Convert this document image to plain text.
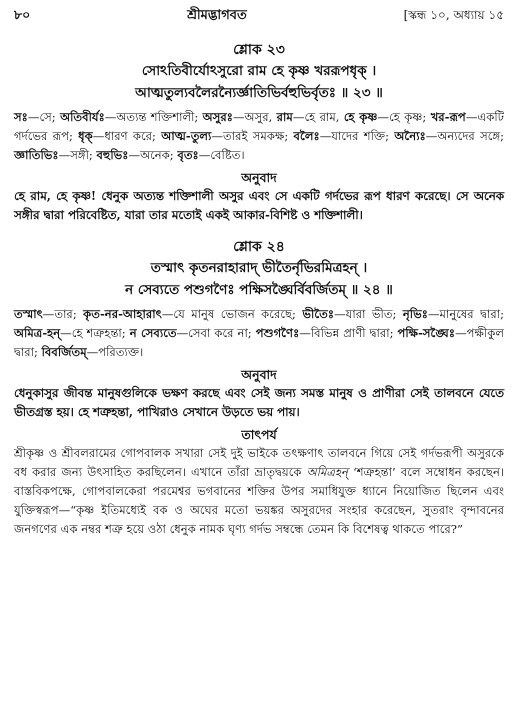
৮০	শ্রীমদ্ভাগবত	[স্কন্ধ ১০, অধ্যায় ১৫
শ্লোক ২৩
সোঽতিবীর্যোঽসুরো রাম হে কৃষ্ণ খররূপধৃক্ ।
আত্মতুল্যবলৈরন্যৈর্জ্ঞাতিভির্বহুভির্বৃতঃ ॥ ২৩ ॥
সঃ—সে; অতিবীর্যঃ—অত্যন্ত শক্তিশালী; অসুরঃ—অসুর, রাম—হে রাম, হে কৃষ্ণ—হে কৃষ্ণ; খর-রূপ—একটি গর্দভের রূপ; ধৃক্—ধারণ করে; আত্ম-তুল্য—তারই সমকক্ষ; বলৈঃ—যাদের শক্তি; অন্যৈঃ—অন্যদের সঙ্গে; জ্ঞাতিভিঃ—সঙ্গী; বহুভিঃ—অনেক; বৃতঃ—বেষ্টিত।
অনুবাদ
হে রাম, হে কৃষ্ণ! ধেনুক অত্যন্ত শক্তিশালী অসুর এবং সে একটি গর্দভের রূপ ধারণ করেছে। সে অনেক সঙ্গীর দ্বারা পরিবেষ্টিত, যারা তার মতোই একই আকার-বিশিষ্ট ও শক্তিশালী।
শ্লোক ২৪
তস্মাৎ কৃতনরাহারাদ্ ভীতৈর্নৃভিরমিত্রহন্ ।
ন সেব্যতে পশুগণৈঃ পক্ষিসঙ্ঘৈর্বিবর্জিতম্ ॥ ২৪ ॥
তস্মাৎ—তার; কৃত-নর-আহারাৎ—যে মানুষ ভোজন করেছে; ভীতৈঃ—যারা ভীত; নৃভিঃ—মানুষের দ্বারা; অমিত্র-হন্—হে শত্রুহন্তা; ন সেব্যতে—সেবা করে না; পশুগণৈঃ—বিভিন্ন প্রাণী দ্বারা; পক্ষি-সঙ্ঘৈঃ—পক্ষীকুল দ্বারা; বিবর্জিতম্—পরিত্যক্ত।
অনুবাদ
ধেনুকাসুর জীবন্ত মানুষগুলিকে ভক্ষণ করছে এবং সেই জন্য সমস্ত মানুষ ও প্রাণীরা সেই তালবনে যেতে ভীতগ্রস্ত হয়। হে শত্রুহন্তা, পাখিরাও সেখানে উড়তে ভয় পায়।
তাৎপর্য
শ্রীকৃষ্ণ ও শ্রীবলরামের গোপবালক সখারা সেই দুই ভাইকে তৎক্ষণাৎ তালবনে গিয়ে সেই গর্দভরূপী অসুরকে বধ করার জন্য উৎসাহিত করছিলেন। এখানে তাঁরা ভ্রাতৃদ্বয়কে অমিত্রহন্ ‘শত্রুহন্তা’ বলে সম্বোধন করছেন। বাস্তবিকপক্ষে, গোপবালকেরা পরমেশ্বর ভগবানের শক্তির উপর সমাধিযুক্ত ধ্যানে নিয়োজিত ছিলেন এবং যুক্তিস্বরূপ—“কৃষ্ণ ইতিমধ্যেই বক ও অঘের মতো ভয়ঙ্কর অসুরদের সংহার করেছেন, সুতরাং বৃন্দাবনের জনগণের এক নম্বর শত্রু হয়ে ওঠা ধেনুক নামক ঘৃণ্য গর্দভ সম্বন্ধে তেমন কি বিশেষত্ব থাকতে পারে?”
